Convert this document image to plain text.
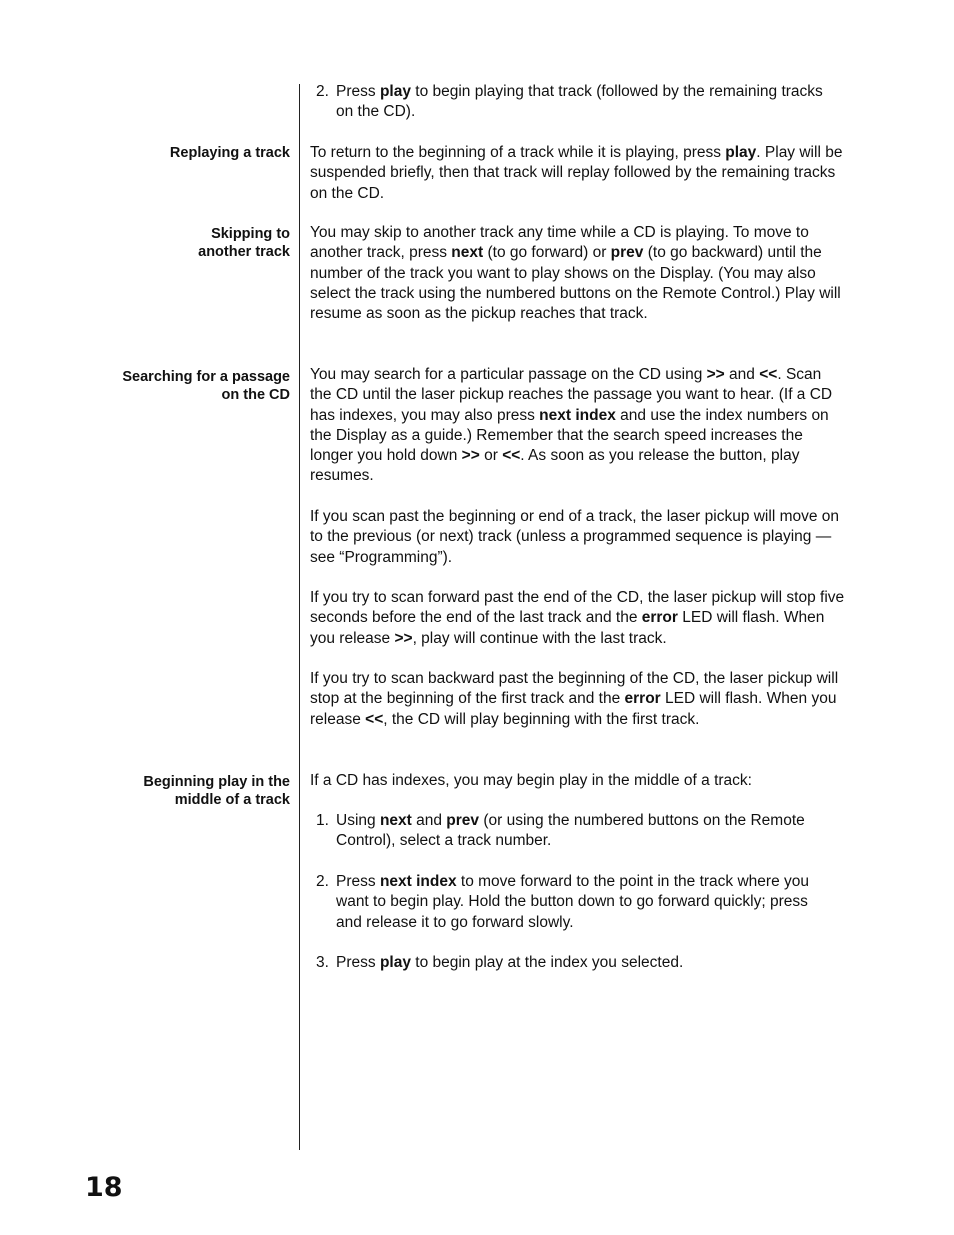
2. Press play to begin playing that track (followed by the remaining tracks on the CD).
Replaying a track To return to the beginning of a track while it is playing, press play. Play will be suspended briefly, then that track will replay followed by the remaining tracks on the CD.
Skipping to
another track
You may skip to another track any time while a CD is playing. To move to another track, press next (to go forward) or prev (to go backward) until the number of the track you want to play shows on the Display. (You may also select the track using the numbered buttons on the Remote Control.) Play will resume as soon as the pickup reaches that track.
Searching for a passage
on the CD
You may search for a particular passage on the CD using >> and <<. Scan the CD until the laser pickup reaches the passage you want to hear. (If a CD has indexes, you may also press next index and use the index numbers on the Display as a guide.) Remember that the search speed increases the longer you hold down >> or <<. As soon as you release the button, play resumes.
If you scan past the beginning or end of a track, the laser pickup will move on to the previous (or next) track (unless a programmed sequence is playing — see “Programming”).
If you try to scan forward past the end of the CD, the laser pickup will stop five seconds before the end of the last track and the error LED will flash. When you release >>, play will continue with the last track.
If you try to scan backward past the beginning of the CD, the laser pickup will stop at the beginning of the first track and the error LED will flash. When you release <<, the CD will play beginning with the first track.
Beginning play in the
middle of a track
If a CD has indexes, you may begin play in the middle of a track:
1. Using next and prev (or using the numbered buttons on the Remote Control), select a track number.
2. Press next index to move forward to the point in the track where you want to begin play. Hold the button down to go forward quickly; press and release it to go forward slowly.
3. Press play to begin play at the index you selected.
18
